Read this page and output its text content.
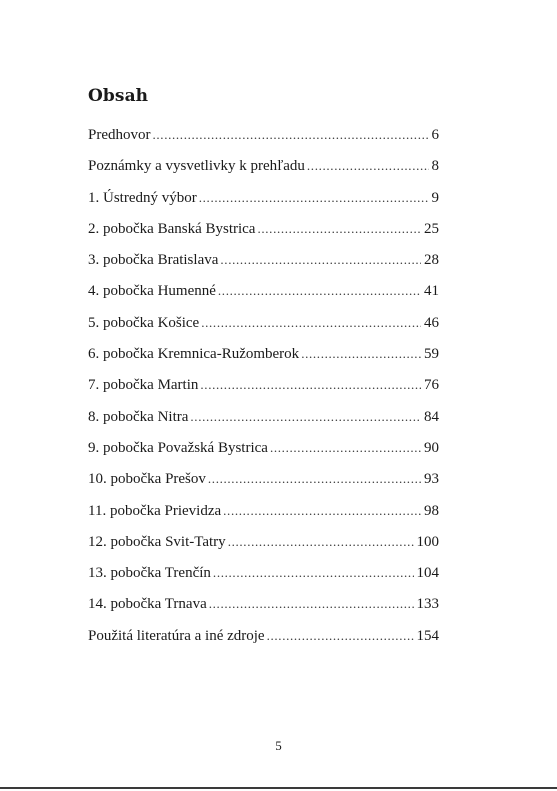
Obsah
Predhovor . . .	6
Poznámky a vysvetlivky k prehľadu . . .	8
1. Ústredný výbor . . .	9
2. pobočka Banská Bystrica . . .	25
3. pobočka Bratislava . . .	28
4. pobočka Humenné . . .	41
5. pobočka Košice . . .	46
6. pobočka Kremnica-Ružomberok . . .	59
7. pobočka Martin . . .	76
8. pobočka Nitra . . .	84
9. pobočka Považská Bystrica . . .	90
10. pobočka Prešov . . .	93
11. pobočka Prievidza . . .	98
12. pobočka Svit-Tatry . . .	100
13. pobočka Trenčín . . .	104
14. pobočka Trnava . . .	133
Použitá literatúra a iné zdroje . . .	154
5
